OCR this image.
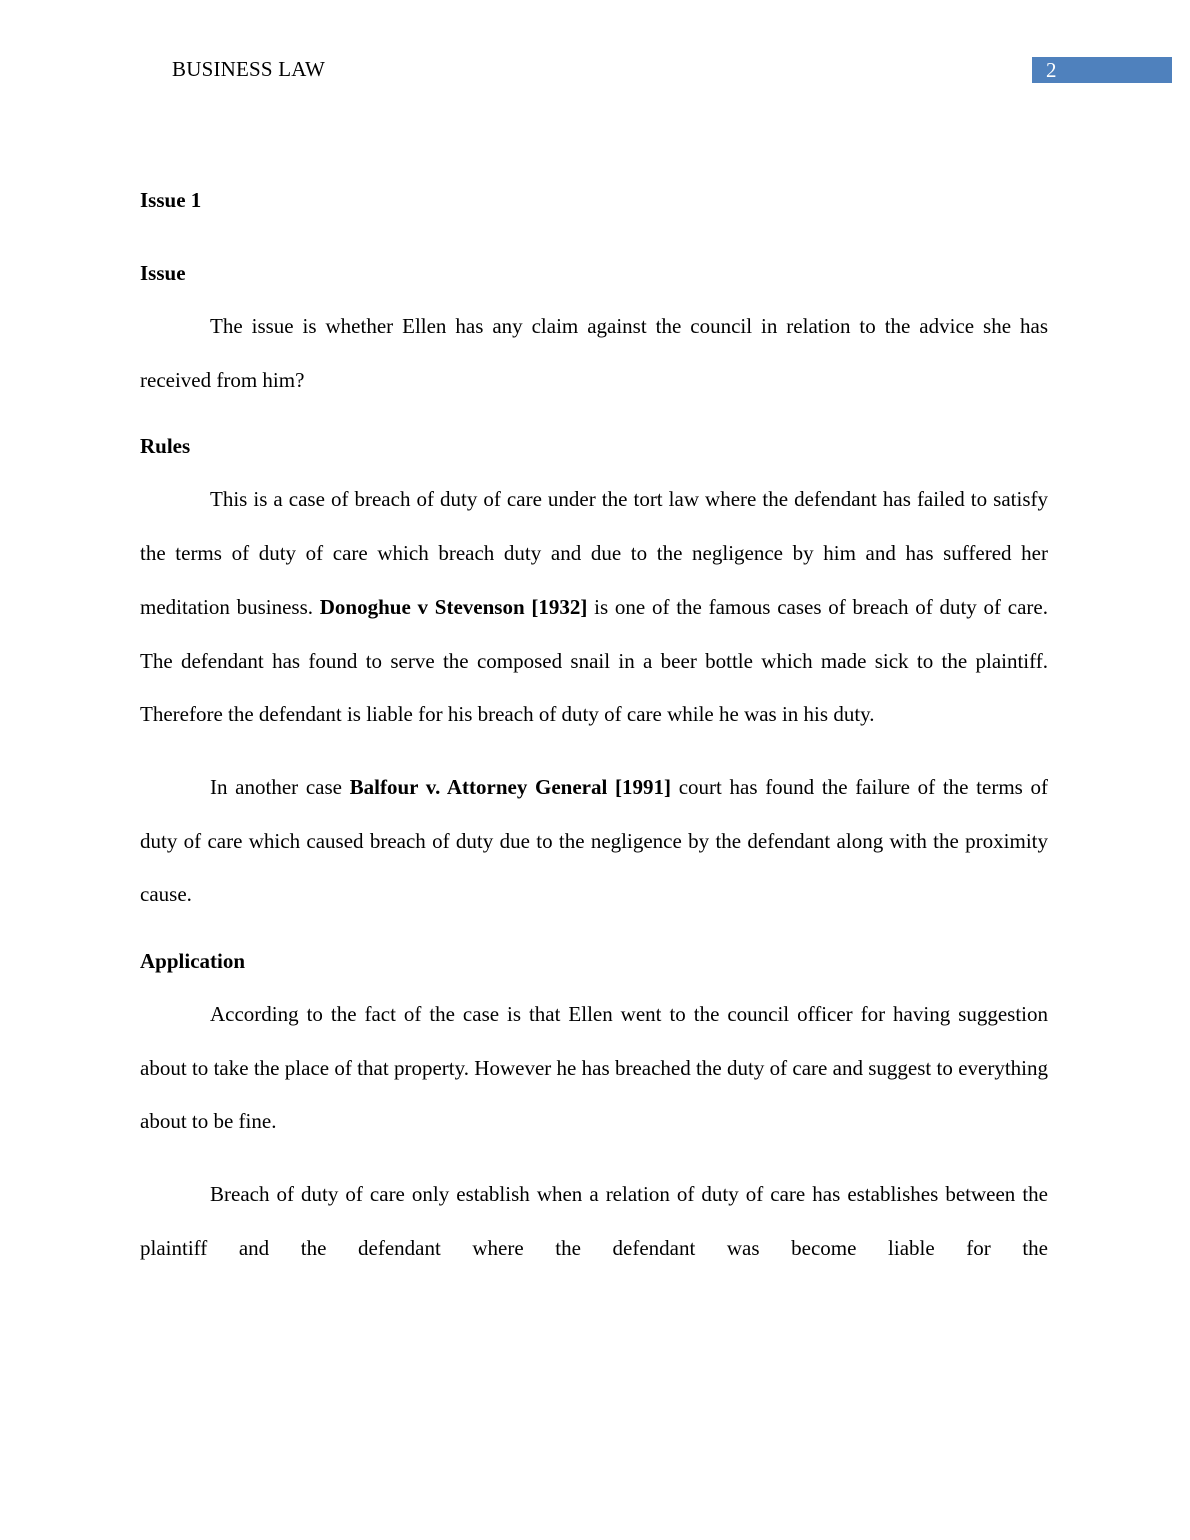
BUSINESS LAW	2

Issue 1

Issue

The issue is whether Ellen has any claim against the council in relation to the advice she has received from him?

Rules

This is a case of breach of duty of care under the tort law where the defendant has failed to satisfy the terms of duty of care which breach duty and due to the negligence by him and has suffered her meditation business. Donoghue v Stevenson [1932] is one of the famous cases of breach of duty of care. The defendant has found to serve the composed snail in a beer bottle which made sick to the plaintiff. Therefore the defendant is liable for his breach of duty of care while he was in his duty.

In another case Balfour v. Attorney General [1991] court has found the failure of the terms of duty of care which caused breach of duty due to the negligence by the defendant along with the proximity cause.

Application

According to the fact of the case is that Ellen went to the council officer for having suggestion about to take the place of that property. However he has breached the duty of care and suggest to everything about to be fine.

Breach of duty of care only establish when a relation of duty of care has establishes between the plaintiff and the defendant where the defendant was become liable for the
